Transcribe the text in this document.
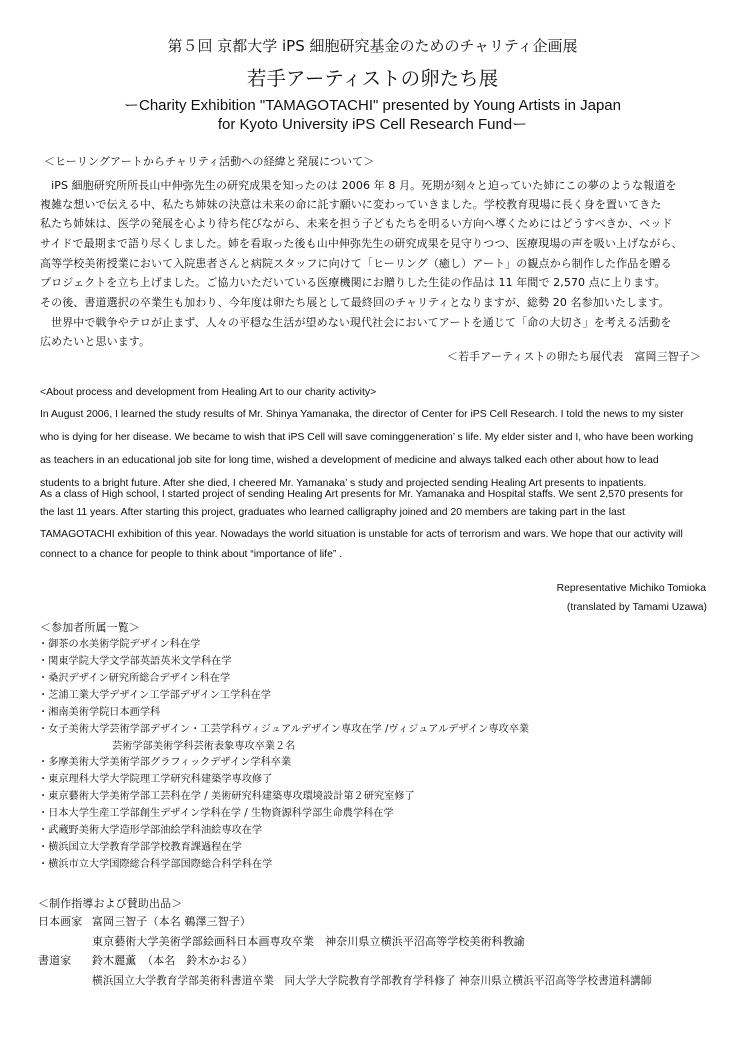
第５回 京都大学 iPS 細胞研究基金のためのチャリティ企画展
若手アーティストの卵たち展
ーCharity Exhibition "TAMAGOTACHI" presented by Young Artists in Japan
for Kyoto University iPS Cell Research Fundー
＜ヒーリングアートからチャリティ活動への経緯と発展について＞
　iPS 細胞研究所所長山中伸弥先生の研究成果を知ったのは 2006 年 8 月。死期が刻々と迫っていた姉にこの夢のような報道を
複雑な想いで伝える中、私たち姉妹の決意は未来の命に託す願いに変わっていきました。学校教育現場に長く身を置いてきた
私たち姉妹は、医学の発展を心より待ち侘びながら、未来を担う子どもたちを明るい方向へ導くためにはどうすべきか、ベッド
サイドで最期まで語り尽くしました。姉を看取った後も山中伸弥先生の研究成果を見守りつつ、医療現場の声を吸い上げながら、
高等学校美術授業において入院患者さんと病院スタッフに向けて「ヒーリング（癒し）アート」の観点から制作した作品を贈る
プロジェクトを立ち上げました。ご協力いただいている医療機関にお贈りした生徒の作品は 11 年間で 2,570 点に上ります。
その後、書道選択の卒業生も加わり、今年度は卵たち展として最終回のチャリティとなりますが、総勢 20 名参加いたします。
　世界中で戦争やテロが止まず、人々の平穏な生活が望めない現代社会においてアートを通じて「命の大切さ」を考える活動を
広めたいと思います。
＜若手アーティストの卵たち展代表　富岡三智子＞
<About process and development from Healing Art to our charity activity>
In August 2006, I learned the study results of Mr. Shinya Yamanaka, the director of Center for iPS Cell Research. I told the news to my sister
who is dying for her disease. We became to wish that iPS Cell will save cominggeneration’ s life. My elder sister and I, who have been working
as teachers in an educational job site for long time, wished a development of medicine and always talked each other about how to lead
students to a bright future. After she died, I cheered Mr. Yamanaka’ s study and projected sending Healing Art presents to inpatients.
As a class of High school, I started project of sending Healing Art presents for Mr. Yamanaka and Hospital staffs. We sent 2,570 presents for
the last 11 years. After starting this project, graduates who learned calligraphy joined and 20 members are taking part in the last
TAMAGOTACHI exhibition of this year. Nowadays the world situation is unstable for acts of terrorism and wars. We hope that our activity will
connect to a chance for people to think about “importance of life” .
Representative Michiko Tomioka
(translated by Tamami Uzawa)
＜参加者所属一覧＞
・御茶の水美術学院デザイン科在学
・関東学院大学文学部英語英米文学科在学
・桑沢デザイン研究所総合デザイン科在学
・芝浦工業大学デザイン工学部デザイン工学科在学
・湘南美術学院日本画学科
・女子美術大学芸術学部デザイン・工芸学科ヴィジュアルデザイン専攻在学 /ヴィジュアルデザイン専攻卒業
芸術学部美術学科芸術表象専攻卒業２名
・多摩美術大学美術学部グラフィックデザイン学科卒業
・東京理科大学大学院理工学研究科建築学専攻修了
・東京藝術大学美術学部工芸科在学 / 美術研究科建築専攻環境設計第２研究室修了
・日本大学生産工学部創生デザイン学科在学 / 生物資源科学部生命農学科在学
・武蔵野美術大学造形学部油絵学科油絵専攻在学
・横浜国立大学教育学部学校教育課過程在学
・横浜市立大学国際総合科学部国際総合科学科在学
＜制作指導および賛助出品＞
日本画家 富岡三智子（本名 鵜澤三智子）
東京藝術大学美術学部絵画科日本画専攻卒業　神奈川県立横浜平沼高等学校美術科教諭
書道家 鈴木麗薫　（本名　鈴木かおる）
横浜国立大学教育学部美術科書道卒業　同大学大学院教育学部教育学科修了 神奈川県立横浜平沼高等学校書道科講師
